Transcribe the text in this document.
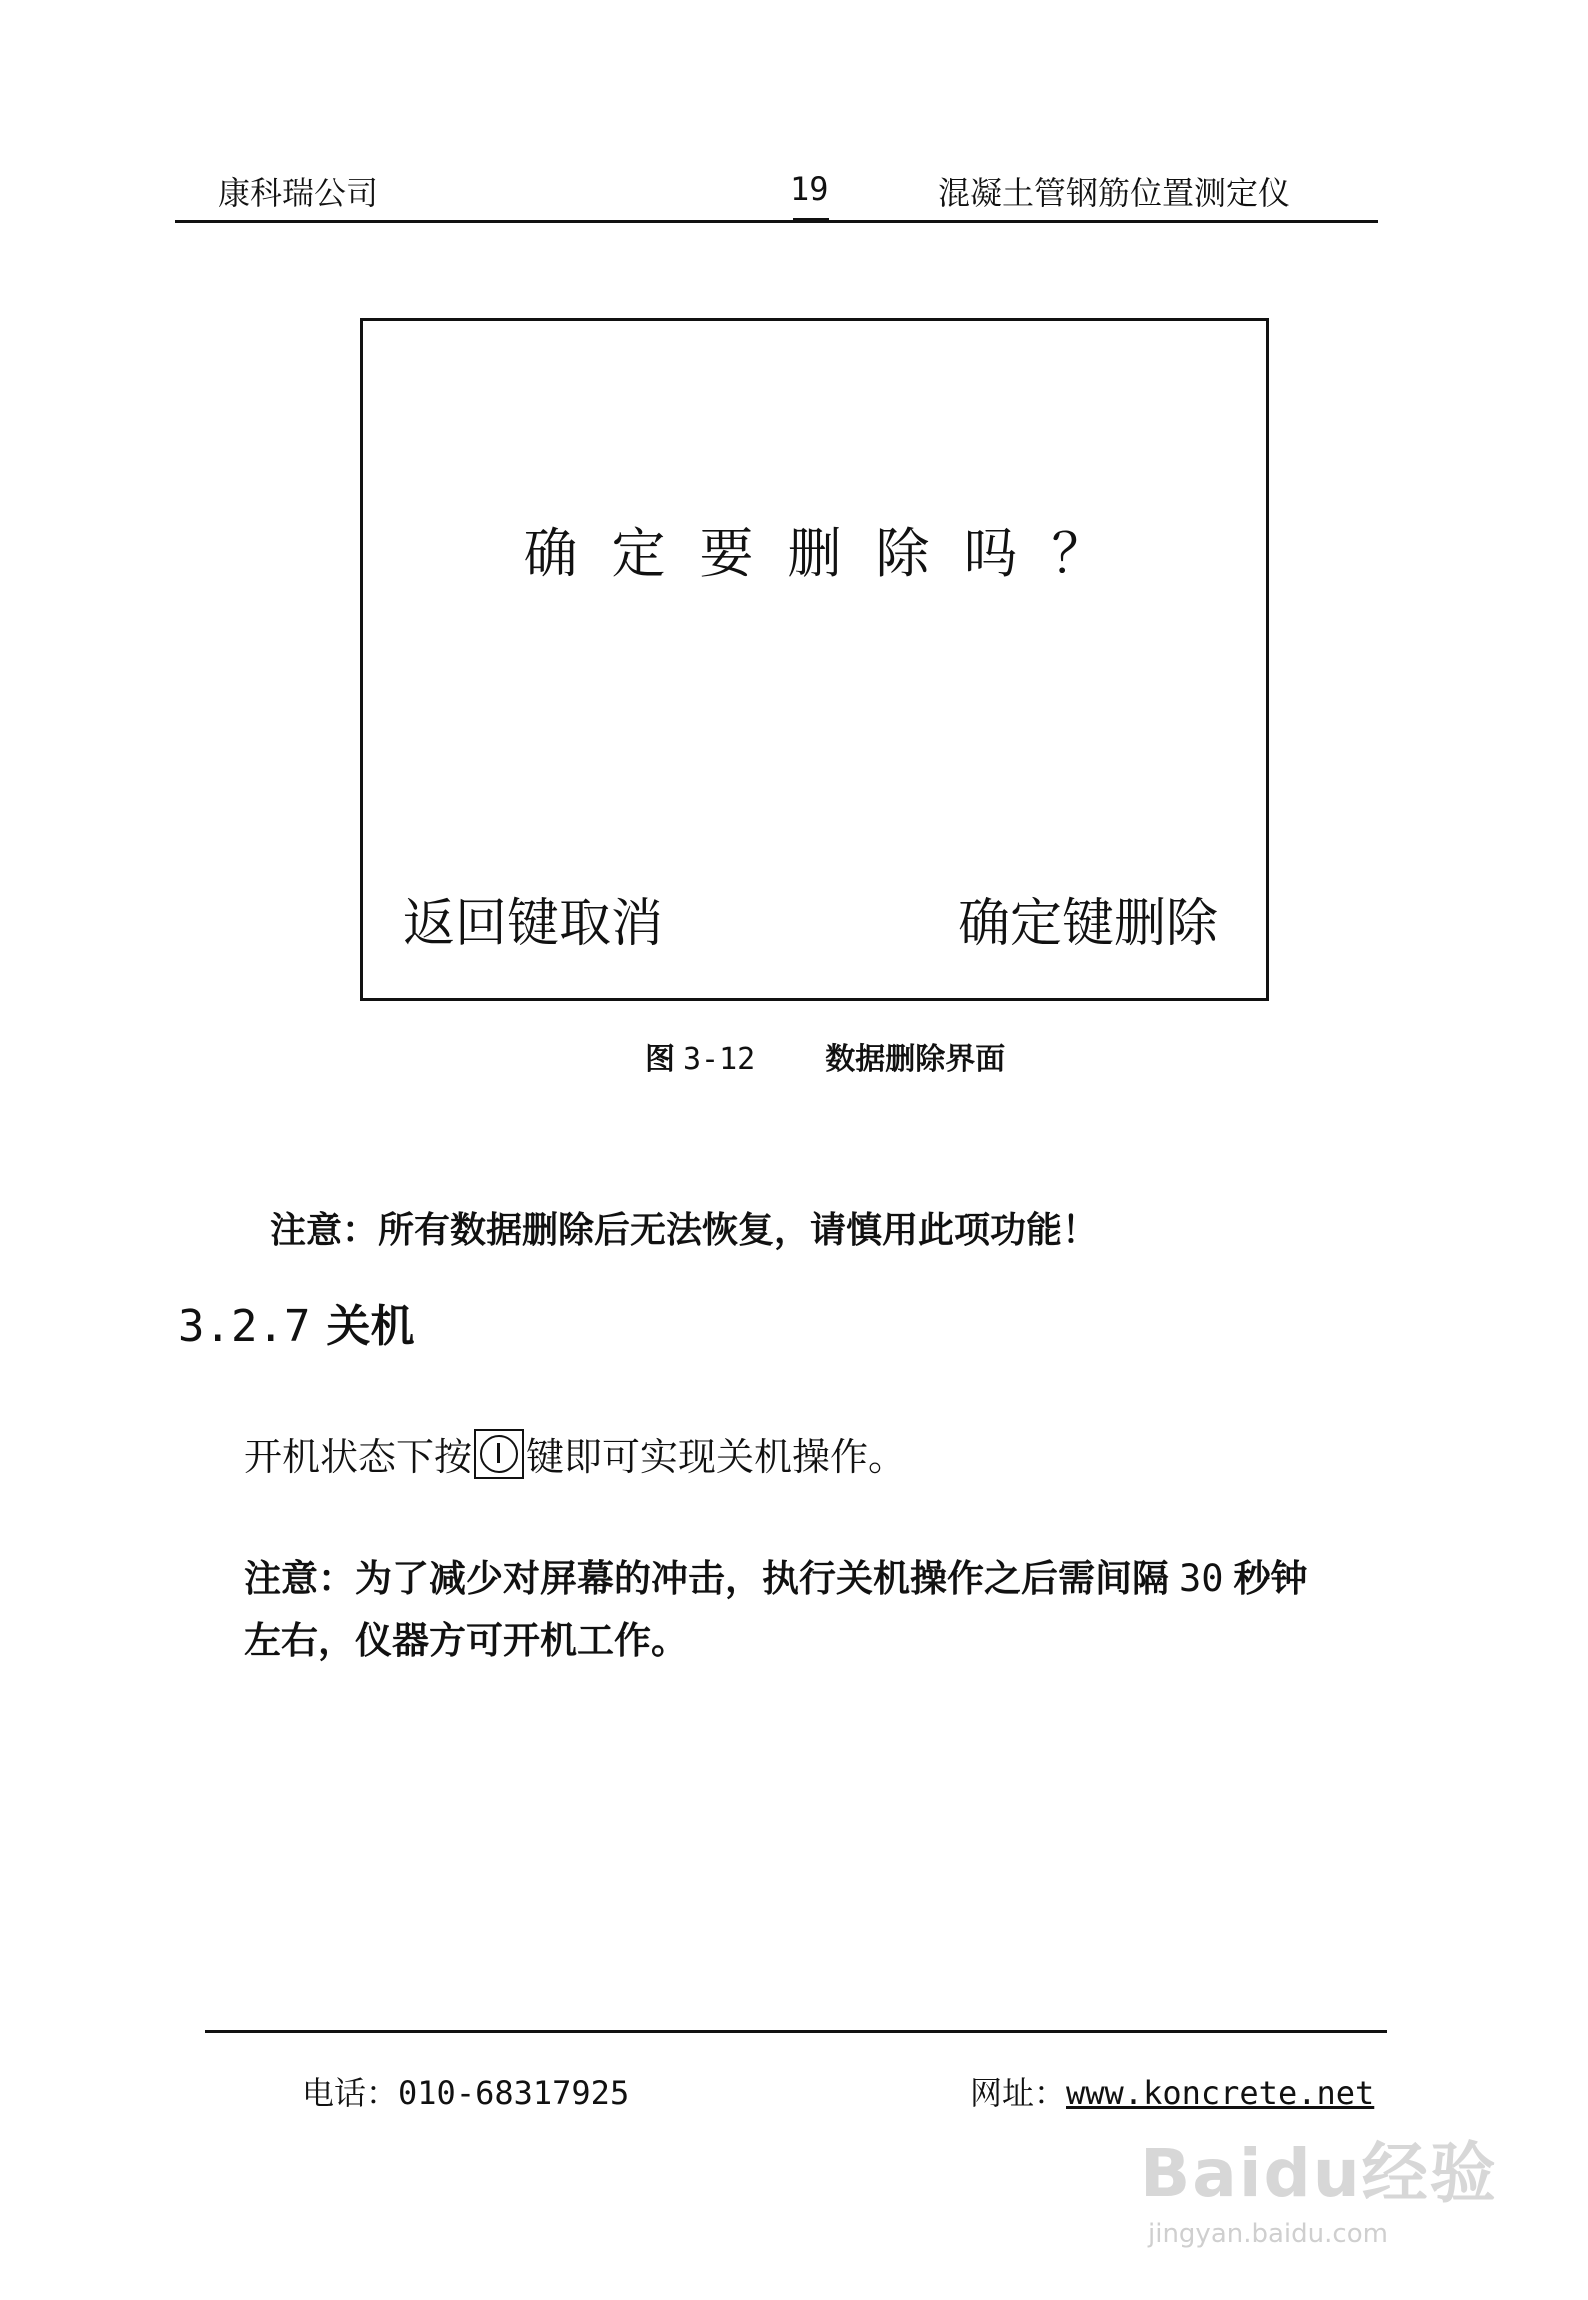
康科瑞公司	19	混凝土管钢筋位置测定仪
确定要删除吗？
返回键取消	确定键删除
图 3-12 数据删除界面
注意：所有数据删除后无法恢复，请慎用此项功能！
3.2.7 关机
开机状态下按 键即可实现关机操作。
注意：为了减少对屏幕的冲击，执行关机操作之后需间隔 30 秒钟
左右，仪器方可开机工作。
电话：010-68317925	网址：www.koncrete.net
Baidu经验
jingyan.baidu.com
